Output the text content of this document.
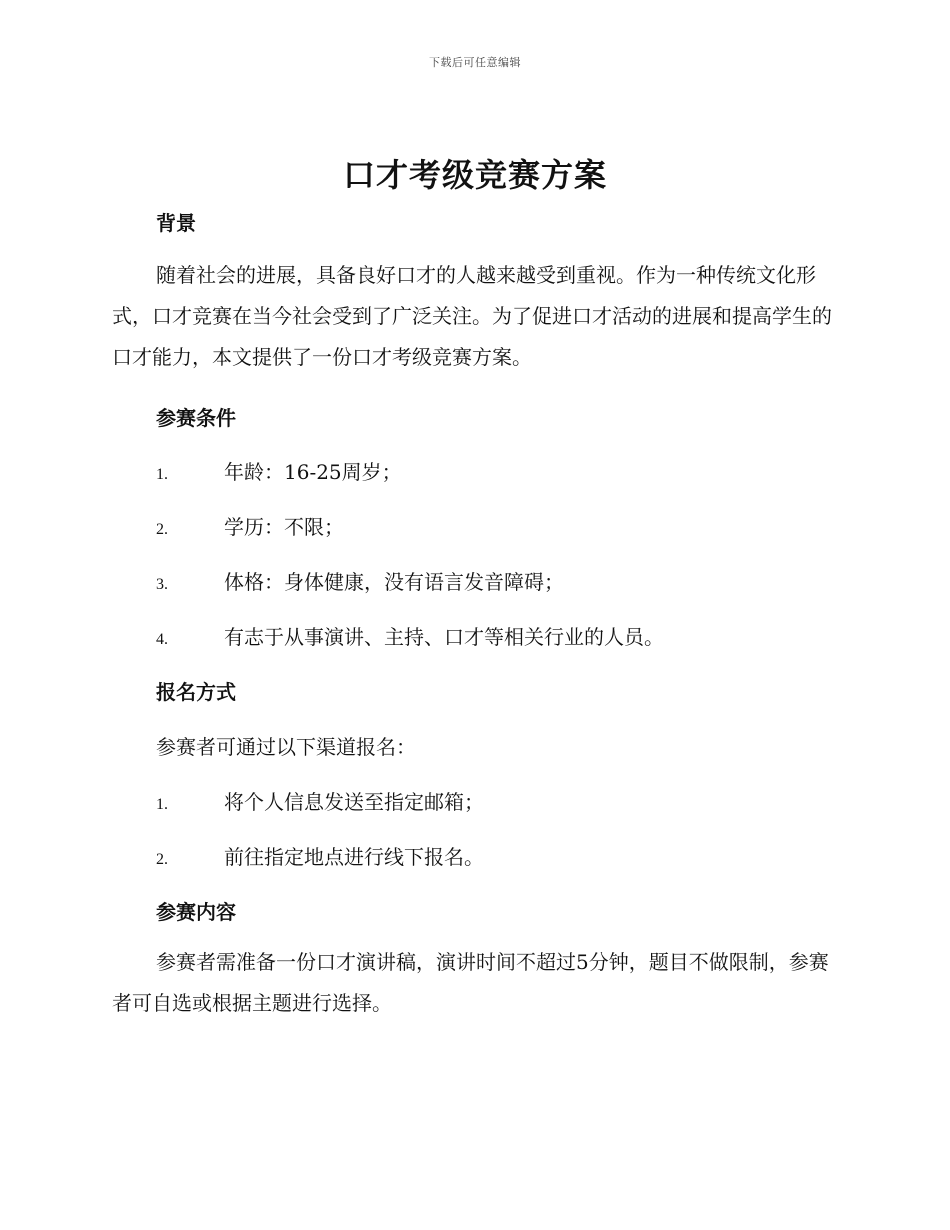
下载后可任意编辑
口才考级竞赛方案
背景

随着社会的进展，具备良好口才的人越来越受到重视。作为一种传统文化形式，口才竞赛在当今社会受到了广泛关注。为了促进口才活动的进展和提高学生的口才能力，本文提供了一份口才考级竞赛方案。

参赛条件
1.	年龄：16-25周岁；
2.	学历：不限；
3.	体格：身体健康，没有语言发音障碍；
4.	有志于从事演讲、主持、口才等相关行业的人员。
报名方式
参赛者可通过以下渠道报名：
1.	将个人信息发送至指定邮箱；
2.	前往指定地点进行线下报名。
参赛内容

参赛者需准备一份口才演讲稿，演讲时间不超过5分钟，题目不做限制，参赛者可自选或根据主题进行选择。
